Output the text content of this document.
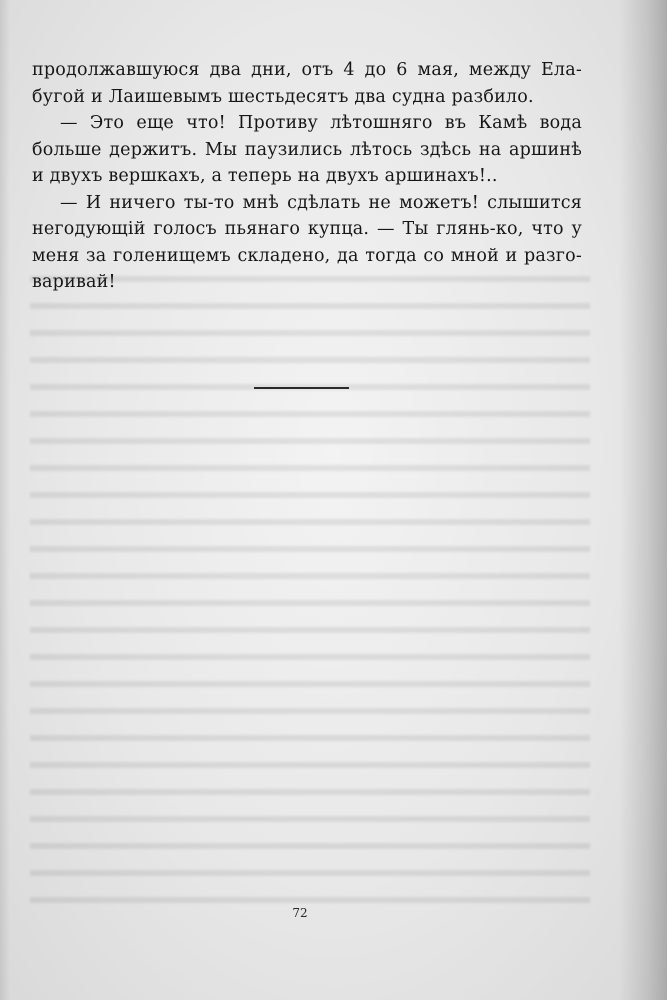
продолжавшуюся два дни, отъ 4 до 6 мая, между Ела-
бугой и Лаишевымъ шестьдесятъ два судна разбило.
— Это еще что! Противу лѣтошняго въ Камѣ вода
больше держитъ. Мы паузились лѣтось здѣсь на аршинѣ
и двухъ вершкахъ, а теперь на двухъ аршинахъ!..
— И ничего ты-то мнѣ сдѣлать не можетъ! слышится
негодующій голосъ пьянаго купца. — Ты глянь-ко, что у
меня за голенищемъ складено, да тогда со мной и разго-
варивай!
72
